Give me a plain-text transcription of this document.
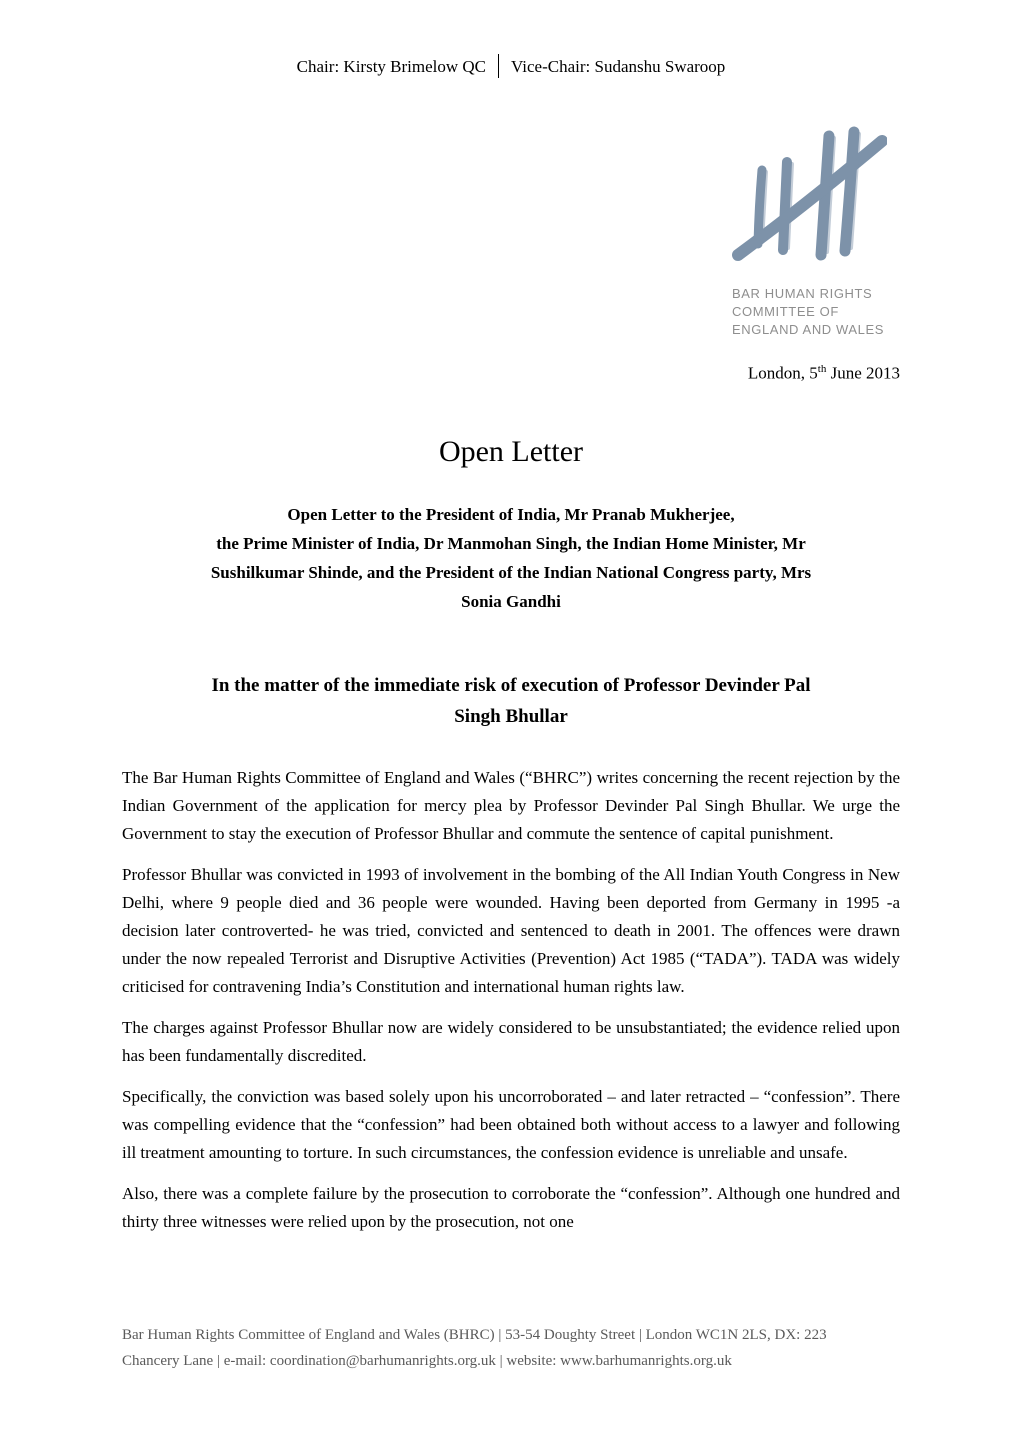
Chair: Kirsty Brimelow QC Vice-Chair: Sudanshu Swaroop
BAR HUMAN RIGHTS
COMMITTEE OF
ENGLAND AND WALES
London, 5th June 2013
Open Letter
Open Letter to the President of India, Mr Pranab Mukherjee,
the Prime Minister of India, Dr Manmohan Singh, the Indian Home Minister, Mr
Sushilkumar Shinde, and the President of the Indian National Congress party, Mrs
Sonia Gandhi
In the matter of the immediate risk of execution of Professor Devinder Pal
Singh Bhullar

The Bar Human Rights Committee of England and Wales (“BHRC”) writes concerning the recent rejection by the Indian Government of the application for mercy plea by Professor Devinder Pal Singh Bhullar. We urge the Government to stay the execution of Professor Bhullar and commute the sentence of capital punishment.

Professor Bhullar was convicted in 1993 of involvement in the bombing of the All Indian Youth Congress in New Delhi, where 9 people died and 36 people were wounded. Having been deported from Germany in 1995 -a decision later controverted- he was tried, convicted and sentenced to death in 2001. The offences were drawn under the now repealed Terrorist and Disruptive Activities (Prevention) Act 1985 (“TADA”). TADA was widely criticised for contravening India’s Constitution and international human rights law.

The charges against Professor Bhullar now are widely considered to be unsubstantiated; the evidence relied upon has been fundamentally discredited.

Specifically, the conviction was based solely upon his uncorroborated – and later retracted – “confession”. There was compelling evidence that the “confession” had been obtained both without access to a lawyer and following ill treatment amounting to torture. In such circumstances, the confession evidence is unreliable and unsafe.

Also, there was a complete failure by the prosecution to corroborate the “confession”. Although one hundred and thirty three witnesses were relied upon by the prosecution, not one

Bar Human Rights Committee of England and Wales (BHRC) | 53-54 Doughty Street | London WC1N 2LS, DX: 223
Chancery Lane | e-mail: coordination@barhumanrights.org.uk | website: www.barhumanrights.org.uk
